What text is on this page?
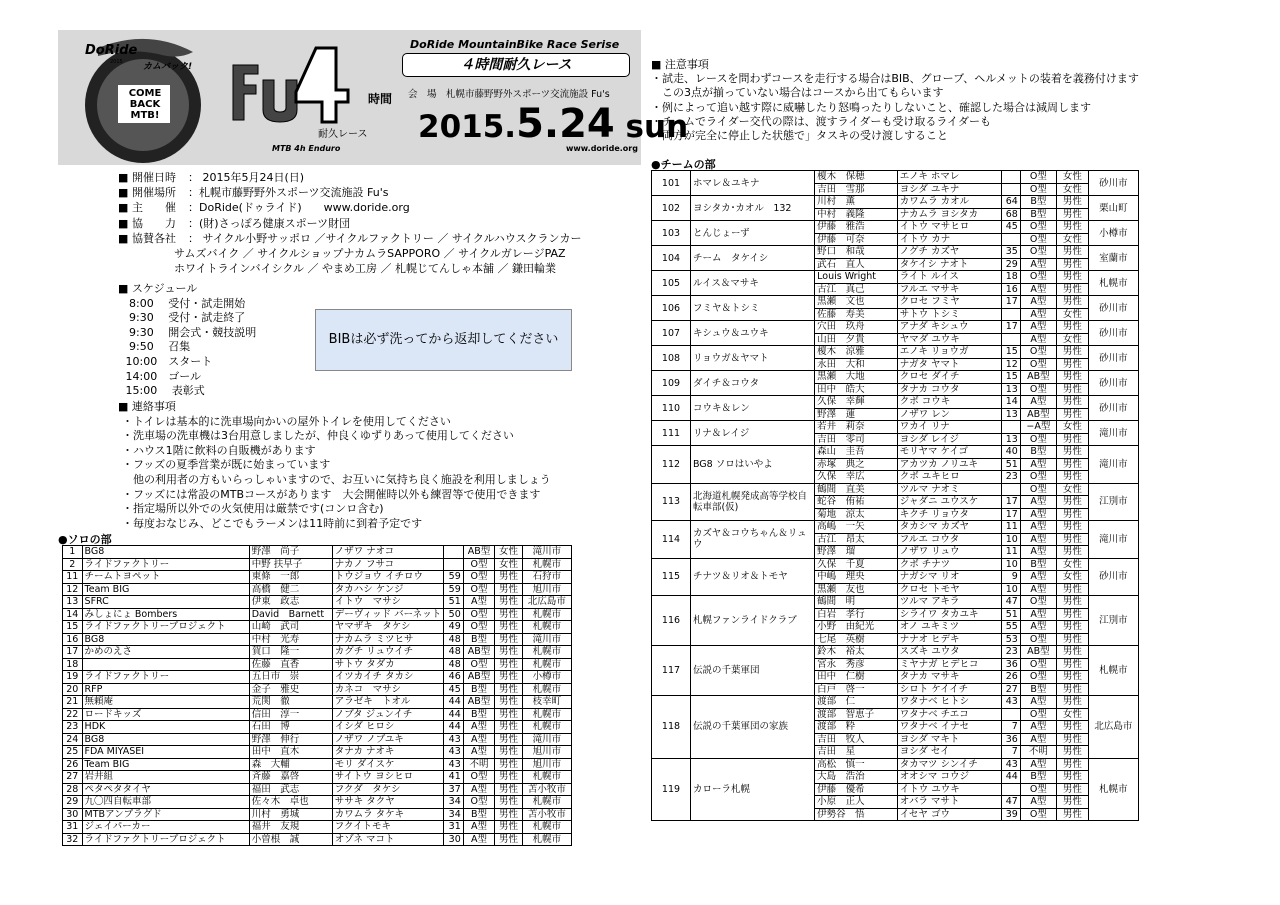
DoRide
2015 カムバック!
COME BACK MTB!
時間
耐久レース
MTB 4h Enduro
DoRide MountainBike Race Serise
４時間耐久レース
会　場　札幌市藤野野外スポーツ交流施設 Fu's
2015.5.24 sun
www.doride.org
■ 開催日時	： 2015年5月24日(日)
■ 開催場所	：札幌市藤野野外スポーツ交流施設 Fu's
■ 主　　催	：DoRide(ドゥライド)　　www.doride.org
■ 協　　力	：(財)さっぽろ健康スポーツ財団
■ 協賛各社	： サイクル小野サッポロ ／サイクルファクトリー ／ サイクルハウスクランカー
サムズバイク ／ サイクルショップナカムラSAPPORO ／ サイクルガレージPAZ
ホワイトラインバイシクル ／ やまめ工房 ／ 札幌じてんしゃ本舗 ／ 鎌田輪業
■ スケジュール
8:00　 受付・試走開始
9:30　 受付・試走終了
9:30　 開会式・競技説明
9:50　 召集
10:00　スタート
14:00　ゴール
15:00　 表彰式
BIBは必ず洗ってから返却してください
■ 連絡事項
・トイレは基本的に洗車場向かいの屋外トイレを使用してください
・洗車場の洗車機は3台用意しましたが、仲良くゆずりあって使用してください
・ハウス1階に飲料の自販機があります
・フッズの夏季営業が既に始まっています
　他の利用者の方もいらっしゃいますので、お互いに気持ち良く施設を利用しましょう
・フッズには常設のMTBコースがあります　大会開催時以外も練習等で使用できます
・指定場所以外での火気使用は厳禁です(コンロ含む)
・毎度おなじみ、どこでもラーメンは11時前に到着予定です
●ソロの部
1	BG8	野澤　尚子	ノザワ ナオコ		AB型	女性	滝川市
2	ライドファクトリー	中野 扶早子	ナカノ フサコ		O型	女性	札幌市
11	チームトヨペット	東條　一郎	トウジョウ イチロウ	59	O型	男性	石狩市
12	Team BIG	高橋　健二	タカハシ ケンジ	59	O型	男性	旭川市
13	SFRC	伊東　政志	イトウ　マサシ	51	A型	男性	北広島市
14	みしょにょ Bombers	David　Barnett	デーヴィッド バーネット	50	O型	男性	札幌市
15	ライドファクトリープロジェクト	山崎　武司	ヤマザキ　タケシ	49	O型	男性	札幌市
16	BG8	中村　光寿	ナカムラ ミツヒサ	48	B型	男性	滝川市
17	かめのえさ	賀口　隆一	カグチ リュウイチ	48	AB型	男性	札幌市
18		佐藤　直香	サトウ タダカ	48	O型	男性	札幌市
19	ライドファクトリー	五日市　崇	イツカイチ タカシ	46	AB型	男性	小樽市
20	RFP	金子　雅史	カネコ　マサシ	45	B型	男性	札幌市
21	無頼庵	荒関　徹	アラゼキ　トオル	44	AB型	男性	枝幸町
22	ロードキッズ	信田　淳一	ノブタ ジュンイチ	44	B型	男性	札幌市
23	HDK	石田　博	イシダ ヒロシ	44	A型	男性	札幌市
24	BG8	野澤　伸行	ノザワ ノブユキ	43	A型	男性	滝川市
25	FDA MIYASEI	田中　直木	タナカ ナオキ	43	A型	男性	旭川市
26	Team BIG	森　大輔	モリ ダイスケ	43	不明	男性	旭川市
27	岩井組	斉藤　嘉啓	サイトウ ヨシヒロ	41	O型	男性	札幌市
28	ペタペタタイヤ	福田　武志	フクダ　タケシ	37	A型	男性	苫小牧市
29	九〇四自転車部	佐々木　卓也	ササキ タクヤ	34	O型	男性	札幌市
30	MTBアンプラグド	川村　勇城	カワムラ タケキ	34	B型	男性	苫小牧市
31	ジェイパーカー	福井　友規	フクイトモキ	31	A型	男性	札幌市
32	ライドファクトリープロジェクト	小曽根　誠	オゾネ マコト	30	A型	男性	札幌市
■ 注意事項
・試走、レースを問わずコースを走行する場合はBIB、グローブ、ヘルメットの装着を義務付けます
　この3点が揃っていない場合はコースから出てもらいます
・例によって追い越す際に威嚇したり怒鳴ったりしないこと、確認した場合は減周します
・チームでライダー交代の際は、渡すライダーも受け取るライダーも
「両方が完全に停止した状態で」タスキの受け渡しすること
●チームの部
101	ホマレ＆ユキナ	榎木　保穂	エノキ ホマレ		O型	女性	砂川市
		吉田　雪那	ヨシダ ユキナ		O型	女性	
102	ヨシタカ･カオル　132	川村　薫	カワムラ カオル	64	B型	男性	栗山町
		中村　義隆	ナカムラ ヨシタカ	68	B型	男性	
103	とんじょーず	伊藤　雅浩	イトウ マサヒロ	45	O型	男性	小樽市
		伊藤　可奈	イトウ カナ		O型	女性	
104	チーム　タケイシ	野口　和哉	ノグチ カズヤ	35	O型	男性	室蘭市
		武石　直人	タケイシ ナオト	29	A型	男性	
105	ルイス＆マサキ	Louis Wright	ライト ルイス	18	O型	男性	札幌市
		古江　真己	フルエ マサキ	16	A型	男性	
106	フミヤ＆トシミ	黒瀬　文也	クロセ フミヤ	17	A型	男性	砂川市
		佐藤　寿美	サトウ トシミ		A型	女性	
107	キシュウ＆ユウキ	穴田　玖舟	アナダ キシュウ	17	A型	男性	砂川市
		山田　夕貴	ヤマダ ユウキ		A型	女性	
108	リョウガ＆ヤマト	榎木　涼雅	エノキ リョウガ	15	O型	男性	砂川市
		永田　大和	ナガタ ヤマト	12	O型	男性	
109	ダイチ＆コウタ	黒瀬　大地	クロセ ダイチ	15	AB型	男性	砂川市
		田中　皓大	タナカ コウタ	13	O型	男性	
110	コウキ＆レン	久保　幸輝	クボ コウキ	14	A型	男性	砂川市
		野澤　蓮	ノザワ レン	13	AB型	男性	
111	リナ＆レイジ	若井　莉奈	ワカイ リナ		−A型	女性	滝川市
		吉田　零司	ヨシダ レイジ	13	O型	男性	
112	BG8 ソロはいやよ	森山　圭吾	モリヤマ ケイゴ	40	B型	男性	滝川市
		赤塚　典之	アカツカ ノリユキ	51	A型	男性	
		久保　幸広	クボ ユキヒロ	23	O型	男性	
113	北海道札幌発成高等学校自転車部(仮)	鶴間　直美	ツルマ ナオミ		O型	女性	江別市
		蛇谷　侑祐	ジャダニ ユウスケ	17	A型	男性	
		菊地　涼太	キクチ リョウタ	17	A型	男性	
114	カズヤ＆コウちゃん＆リュウ	高嶋　一矢	タカシマ カズヤ	11	A型	男性	滝川市
		古江　昂太	フルエ コウタ	10	A型	男性	
		野澤　瑠	ノザワ リュウ	11	A型	男性	
115	チナツ＆リオ＆トモヤ	久保　千夏	クボ チナツ	10	B型	女性	砂川市
		中嶋　理央	ナガシマ リオ	9	A型	女性	
		黒瀬　友也	クロセ トモヤ	10	A型	男性	
116	札幌ファンライドクラブ	鶴間　明	ツルマ アキラ	47	O型	男性	江別市
		白岩　孝行	シライワ タカユキ	51	A型	男性	
		小野　由紀光	オノ ユキミツ	55	A型	男性	
		七尾　英樹	ナナオ ヒデキ	53	O型	男性	
117	伝説の千葉軍団	鈴木　裕太	スズキ ユウタ	23	AB型	男性	札幌市
		宮永　秀彦	ミヤナガ ヒデヒコ	36	O型	男性	
		田中　仁樹	タナカ マサキ	26	O型	男性	
		白戸　啓一	シロト ケイイチ	27	B型	男性	
118	伝説の千葉軍団の家族	渡部　仁	ワタナベ ヒトシ	43	A型	男性	北広島市
		渡部　智恵子	ワタナベ チエコ		O型	女性	
		渡部　粋	ワタナベ イナセ	7	A型	男性	
		吉田　牧人	ヨシダ マキト	36	A型	男性	
		吉田　星	ヨシダ セイ	7	不明	男性	
119	カローラ札幌	高松　慎一	タカマツ シンイチ	43	A型	男性	札幌市
		大島　浩治	オオシマ コウジ	44	B型	男性	
		伊藤　優希	イトウ ユウキ		O型	男性	
		小原　正人	オバラ マサト	47	A型	男性	
		伊勢谷　悟	イセヤ ゴウ	39	O型	男性	
